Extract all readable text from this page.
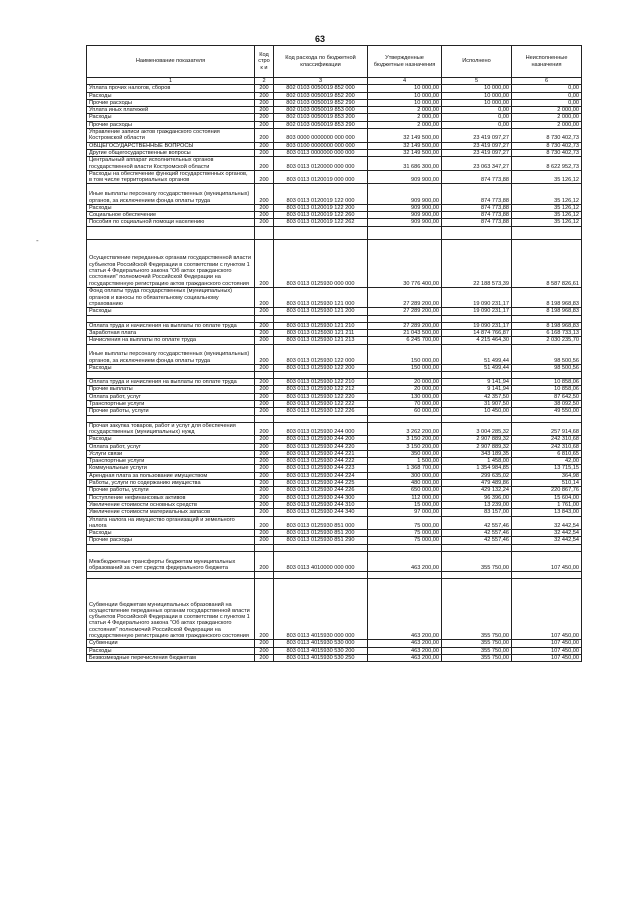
63
-
Наименование показателя	Код строк и	Код расхода по бюджетной классификации	Утвержденные бюджетные назначения	Исполнено	Неисполненные назначения
1	2	3	4	5	6
Уплата прочих налогов, сборов	200	802 0103 0050019 852 000	10 000,00	10 000,00	0,00
Расходы	200	802 0103 0050019 852 200	10 000,00	10 000,00	0,00
Прочие расходы	200	802 0103 0050019 852 290	10 000,00	10 000,00	0,00
Уплата иных платежей	200	802 0103 0050019 853 000	2 000,00	0,00	2 000,00
Расходы	200	802 0103 0050019 853 200	2 000,00	0,00	2 000,00
Прочие расходы	200	802 0103 0050019 853 290	2 000,00	0,00	2 000,00
Управление записи актов гражданского состояния Костромской области	200	803 0000 0000000 000 000	32 149 500,00	23 419 097,27	8 730 402,73
ОБЩЕГОСУДАРСТВЕННЫЕ ВОПРОСЫ	200	803 0100 0000000 000 000	32 149 500,00	23 419 097,27	8 730 402,73
Другие общегосударственные вопросы	200	803 0113 0000000 000 000	32 149 500,00	23 419 097,27	8 730 402,73
Центральный аппарат исполнительных органов государственной власти Костромской области	200	803 0113 0120000 000 000	31 686 300,00	23 063 347,27	8 622 952,73
Расходы на обеспечение функций государственных органов, в том числе территориальных органов	200	803 0113 0120019 000 000	909 900,00	874 773,88	35 126,12
Иные выплаты персоналу государственных (муниципальных) органов, за исключением фонда оплаты труда	200	803 0113 0120019 122 000	909 900,00	874 773,88	35 126,12
Расходы	200	803 0113 0120019 122 200	909 900,00	874 773,88	35 126,12
Социальное обеспечение	200	803 0113 0120019 122 260	909 900,00	874 773,88	35 126,12
Пособия по социальной помощи населению	200	803 0113 0120019 122 262	909 900,00	874 773,88	35 126,12

Осуществление переданных органам государственной власти субъектов Российской Федерации в соответствии с пунктом 1 статьи 4 Федерального закона "Об актах гражданского состояния" полномочий Российской Федерации на государственную регистрацию актов гражданского состояния	200	803 0113 0125930 000 000	30 776 400,00	22 188 573,39	8 587 826,61
Фонд оплаты труда государственных (муниципальных) органов и взносы по обязательному социальному страхованию	200	803 0113 0125930 121 000	27 289 200,00	19 090 231,17	8 198 968,83
Расходы	200	803 0113 0125930 121 200	27 289 200,00	19 090 231,17	8 198 968,83

Оплата труда и начисления на выплаты по оплате труда	200	803 0113 0125930 121 210	27 289 200,00	19 090 231,17	8 198 968,83
Заработная плата	200	803 0113 0125930 121 211	21 043 500,00	14 874 766,87	6 168 733,13
Начисления на выплаты по оплате труда	200	803 0113 0125930 121 213	6 245 700,00	4 215 464,30	2 030 235,70
Иные выплаты персоналу государственных (муниципальных) органов, за исключением фонда оплаты труда	200	803 0113 0125930 122 000	150 000,00	51 499,44	98 500,56
Расходы	200	803 0113 0125930 122 200	150 000,00	51 499,44	98 500,56

Оплата труда и начисления на выплаты по оплате труда	200	803 0113 0125930 122 210	20 000,00	9 141,94	10 858,06
Прочие выплаты	200	803 0113 0125930 122 212	20 000,00	9 141,94	10 858,06
Оплата работ, услуг	200	803 0113 0125930 122 220	130 000,00	42 357,50	87 642,50
Транспортные услуги	200	803 0113 0125930 122 222	70 000,00	31 907,50	38 092,50
Прочие работы, услуги	200	803 0113 0125930 122 226	60 000,00	10 450,00	49 550,00

Прочая закупка товаров, работ и услуг для обеспечения государственных (муниципальных) нужд	200	803 0113 0125930 244 000	3 262 200,00	3 004 285,32	257 914,68
Расходы	200	803 0113 0125930 244 200	3 150 200,00	2 907 889,32	242 310,68
Оплата работ, услуг	200	803 0113 0125930 244 220	3 150 200,00	2 907 889,32	242 310,68
Услуги связи	200	803 0113 0125930 244 221	350 000,00	343 189,35	6 810,65
Транспортные услуги	200	803 0113 0125930 244 222	1 500,00	1 458,00	42,00
Коммунальные услуги	200	803 0113 0125930 244 223	1 368 700,00	1 354 984,85	13 715,15
Арендная плата за пользование имуществом	200	803 0113 0125930 244 224	300 000,00	299 635,02	364,98
Работы, услуги по содержанию имущества	200	803 0113 0125930 244 225	480 000,00	479 489,86	510,14
Прочие работы, услуги	200	803 0113 0125930 244 226	650 000,00	429 132,24	220 867,76
Поступление нефинансовых активов	200	803 0113 0125930 244 300	112 000,00	96 396,00	15 604,00
Увеличение стоимости основных средств	200	803 0113 0125930 244 310	15 000,00	13 239,00	1 761,00
Увеличение стоимости материальных запасов	200	803 0113 0125930 244 340	97 000,00	83 157,00	13 843,00
Уплата налога на имущество организаций и земельного налога	200	803 0113 0125930 851 000	75 000,00	42 557,46	32 442,54
Расходы	200	803 0113 0125930 851 200	75 000,00	42 557,46	32 442,54
Прочие расходы	200	803 0113 0125930 851 290	75 000,00	42 557,46	32 442,54

Межбюджетные трансферты бюджетам муниципальных образований за счет средств федерального бюджета	200	803 0113 4010000 000 000	463 200,00	355 750,00	107 450,00

Субвенции бюджетам муниципальных образований на осуществление переданных органам государственной власти субъектов Российской Федерации в соответствии с пунктом 1 статьи 4 Федерального закона "Об актах гражданского состояния" полномочий Российской Федерации на государственную регистрацию актов гражданского состояния	200	803 0113 4015930 000 000	463 200,00	355 750,00	107 450,00
Субвенции	200	803 0113 4015930 530 000	463 200,00	355 750,00	107 450,00
Расходы	200	803 0113 4015930 530 200	463 200,00	355 750,00	107 450,00
Безвозмездные перечисления бюджетам	200	803 0113 4015930 530 250	463 200,00	355 750,00	107 450,00
